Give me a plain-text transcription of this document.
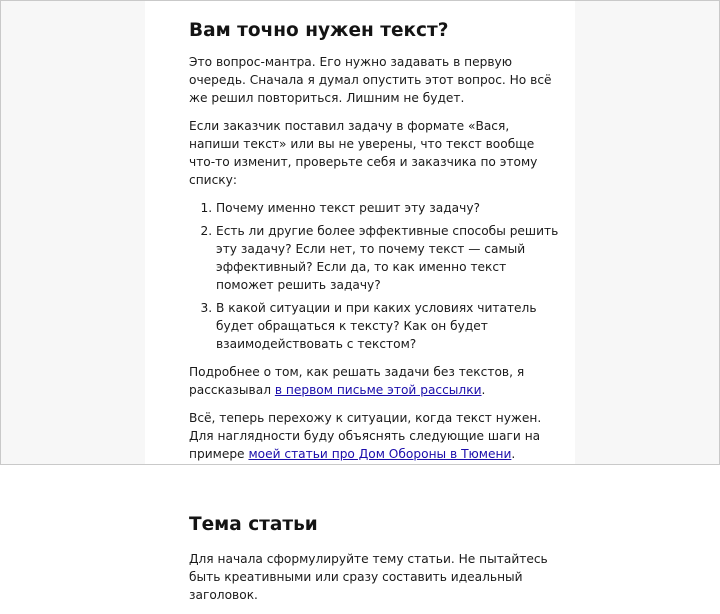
Вам точно нужен текст?

Это вопрос-мантра. Его нужно задавать в первую очередь. Сначала я думал опустить этот вопрос. Но всё же решил повториться. Лишним не будет.

Если заказчик поставил задачу в формате «Вася, напиши текст» или вы не уверены, что текст вообще что-то изменит, проверьте себя и заказчика по этому списку:

1. Почему именно текст решит эту задачу?
2. Есть ли другие более эффективные способы решить эту задачу? Если нет, то почему текст — самый эффективный? Если да, то как именно текст поможет решить задачу?
3. В какой ситуации и при каких условиях читатель будет обращаться к тексту? Как он будет взаимодействовать с текстом?

Подробнее о том, как решать задачи без текстов, я рассказывал в первом письме этой рассылки.

Всё, теперь перехожу к ситуации, когда текст нужен. Для наглядности буду объяснять следующие шаги на примере моей статьи про Дом Обороны в Тюмени.

Тема статьи

Для начала сформулируйте тему статьи. Не пытайтесь быть креативными или сразу составить идеальный заголовок.
